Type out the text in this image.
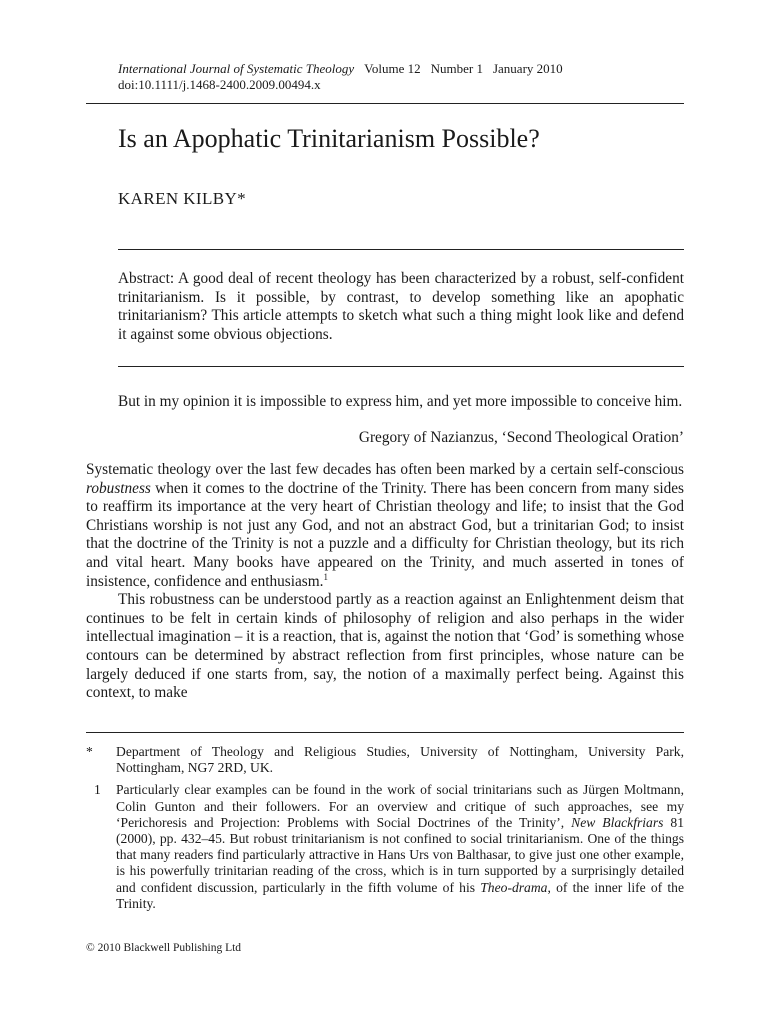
International Journal of Systematic Theology Volume 12 Number 1 January 2010
doi:10.1111/j.1468-2400.2009.00494.x
Is an Apophatic Trinitarianism Possible?
KAREN KILBY*

Abstract: A good deal of recent theology has been characterized by a robust, self-confident trinitarianism. Is it possible, by contrast, to develop something like an apophatic trinitarianism? This article attempts to sketch what such a thing might look like and defend it against some obvious objections.

But in my opinion it is impossible to express him, and yet more impossible to conceive him.

Gregory of Nazianzus, ‘Second Theological Oration’

Systematic theology over the last few decades has often been marked by a certain self-conscious robustness when it comes to the doctrine of the Trinity. There has been concern from many sides to reaffirm its importance at the very heart of Christian theology and life; to insist that the God Christians worship is not just any God, and not an abstract God, but a trinitarian God; to insist that the doctrine of the Trinity is not a puzzle and a difficulty for Christian theology, but its rich and vital heart. Many books have appeared on the Trinity, and much asserted in tones of insistence, confidence and enthusiasm.$^1$

This robustness can be understood partly as a reaction against an Enlightenment deism that continues to be felt in certain kinds of philosophy of religion and also perhaps in the wider intellectual imagination – it is a reaction, that is, against the notion that ‘God’ is something whose contours can be determined by abstract reflection from first principles, whose nature can be largely deduced if one starts from, say, the notion of a maximally perfect being. Against this context, to make

* Department of Theology and Religious Studies, University of Nottingham, University Park, Nottingham, NG7 2RD, UK.
1 Particularly clear examples can be found in the work of social trinitarians such as Jürgen Moltmann, Colin Gunton and their followers. For an overview and critique of such approaches, see my ‘Perichoresis and Projection: Problems with Social Doctrines of the Trinity’, New Blackfriars 81 (2000), pp. 432–45. But robust trinitarianism is not confined to social trinitarianism. One of the things that many readers find particularly attractive in Hans Urs von Balthasar, to give just one other example, is his powerfully trinitarian reading of the cross, which is in turn supported by a surprisingly detailed and confident discussion, particularly in the fifth volume of his Theo-drama, of the inner life of the Trinity.
© 2010 Blackwell Publishing Ltd
